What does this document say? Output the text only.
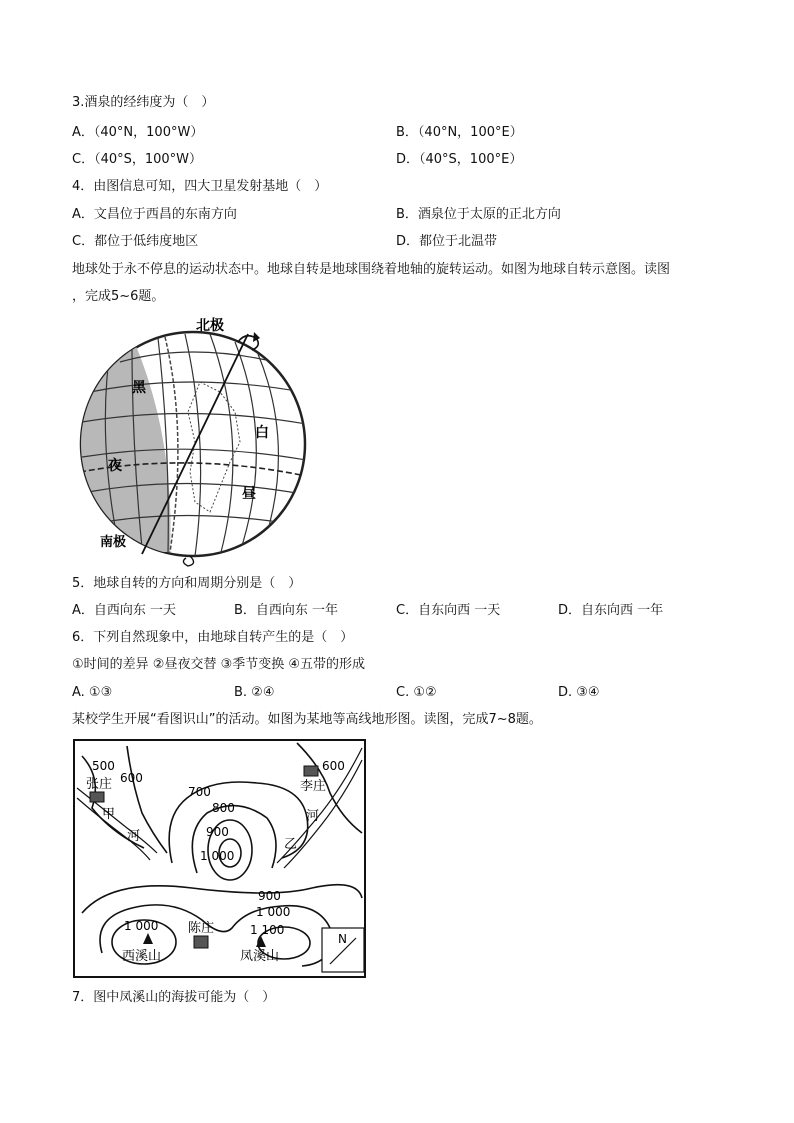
3.酒泉的经纬度为（　）
A．（40°N，100°W）	B．（40°N，100°E）
C．（40°S，100°W）	D．（40°S，100°E）
4．由图信息可知，四大卫星发射基地（　）
A．文昌位于西昌的东南方向	B．酒泉位于太原的正北方向
C．都位于低纬度地区	D．都位于北温带
地球处于永不停息的运动状态中。地球自转是地球围绕着地轴的旋转运动。如图为地球自转示意图。读图
，完成5~6题。
北极
南极
黑
夜
白
昼
5．地球自转的方向和周期分别是（　）
A．自西向东 一天	B．自西向东 一年	C．自东向西 一天	D．自东向西 一年
6．下列自然现象中，由地球自转产生的是（　）
①时间的差异 ②昼夜交替 ③季节变换 ④五带的形成
A. ①③	B. ②④	C. ①②	D. ③④
某校学生开展“看图识山”的活动。如图为某地等高线地形图。读图，完成7~8题。
张庄	李庄
陈庄
西溪山	凤溪山
甲
乙
河
河
500
600
600
700
800
900
1 000
900
1 000
1 000	1 100
N
7．图中凤溪山的海拔可能为（　）
